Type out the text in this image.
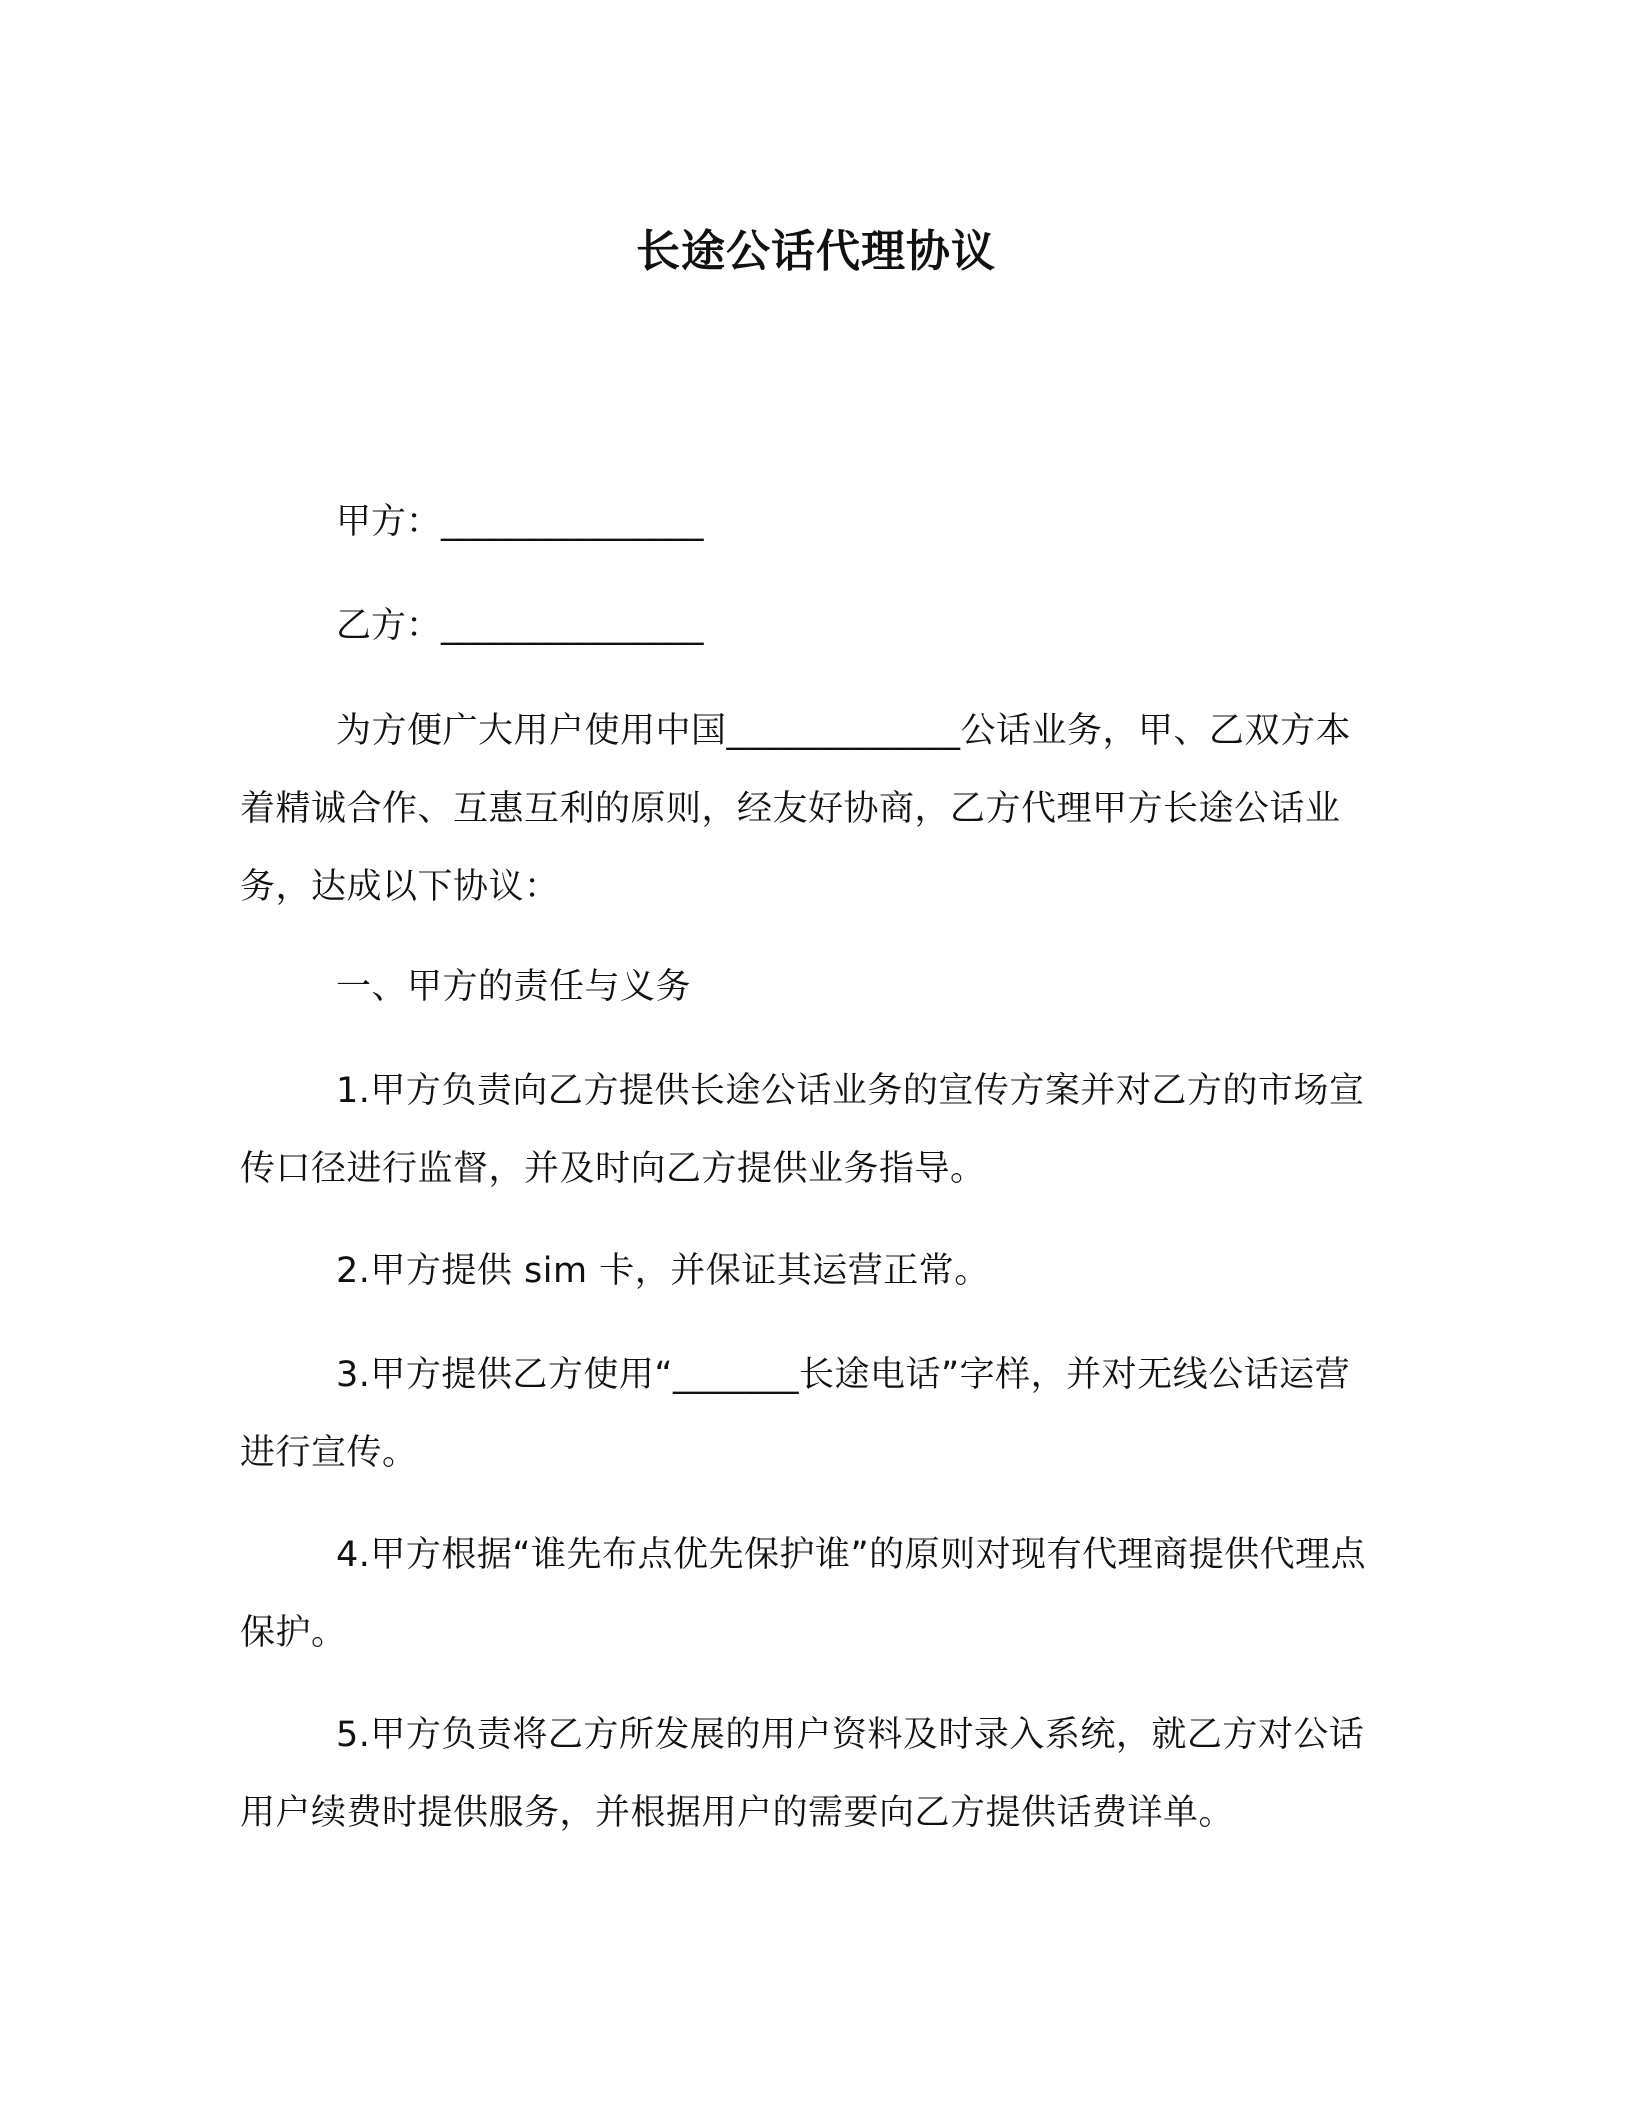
长途公话代理协议
甲方：_______________
乙方：_______________

为方便广大用户使用中国_____________公话业务，甲、乙双方本着精诚合作、互惠互利的原则，经友好协商，乙方代理甲方长途公话业务，达成以下协议：

一、甲方的责任与义务

1.甲方负责向乙方提供长途公话业务的宣传方案并对乙方的市场宣传口径进行监督，并及时向乙方提供业务指导。

2.甲方提供 sim 卡，并保证其运营正常。

3.甲方提供乙方使用“_______长途电话”字样，并对无线公话运营进行宣传。

4.甲方根据“谁先布点优先保护谁”的原则对现有代理商提供代理点保护。

5.甲方负责将乙方所发展的用户资料及时录入系统，就乙方对公话用户续费时提供服务，并根据用户的需要向乙方提供话费详单。
